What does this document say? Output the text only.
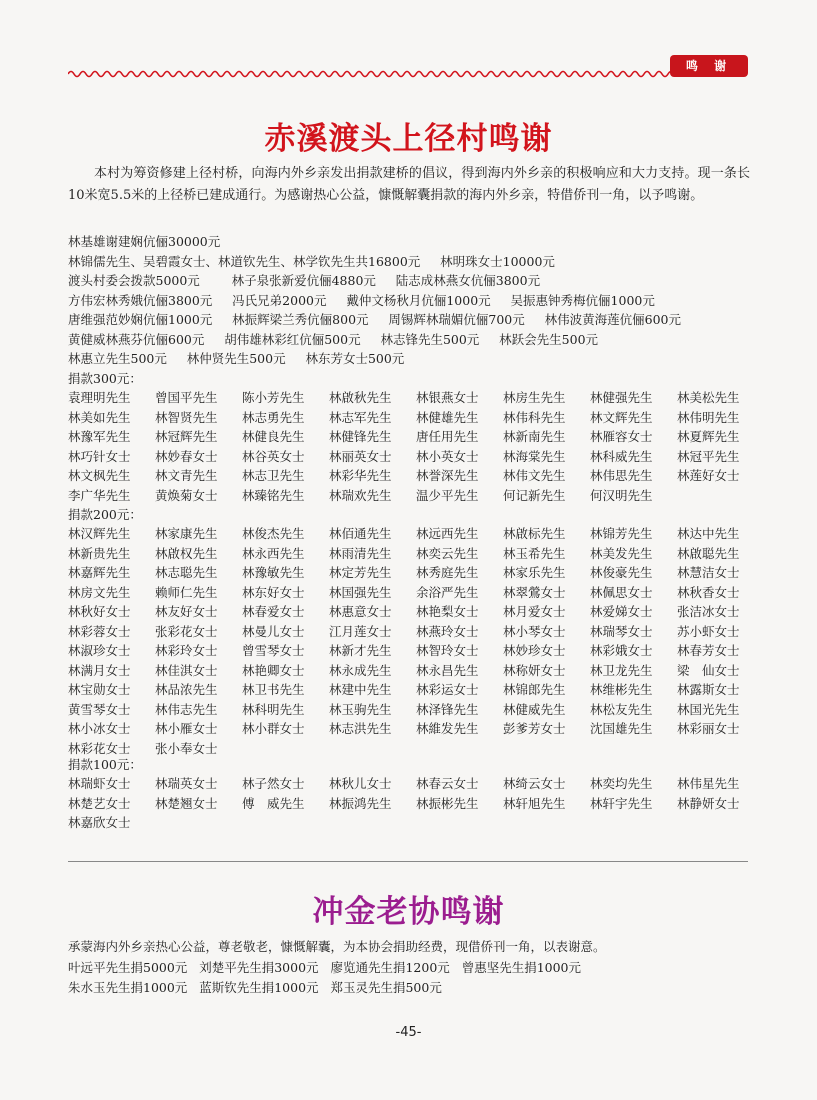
鸣 谢
赤溪渡头上径村鸣谢
本村为筹资修建上径村桥，向海内外乡亲发出捐款建桥的倡议，得到海内外乡亲的积极响应和大力支持。现一条长10米宽5.5米的上径桥已建成通行。为感谢热心公益，慷慨解囊捐款的海内外乡亲，特借侨刊一角，以予鸣谢。
林基雄谢建娴伉俪30000元
林锦儒先生、吴碧霞女士、林道钦先生、林学钦先生共16800元     林明珠女士10000元
渡头村委会拨款5000元        林子泉张新爱伉俪4880元     陆志成林燕女伉俪3800元
方伟宏林秀娥伉俪3800元     冯氏兄弟2000元     戴仲文杨秋月伉俪1000元     吴振惠钟秀梅伉俪1000元
唐维强范妙娴伉俪1000元     林振辉梁兰秀伉俪800元     周锡辉林瑞媚伉俪700元     林伟波黄海莲伉俪600元
黄健威林燕芬伉俪600元     胡伟雄林彩红伉俪500元     林志锋先生500元     林跃会先生500元
林惠立先生500元     林仲贤先生500元     林东芳女士500元
捐款300元：
袁理明先生	曾国平先生	陈小芳先生	林啟秋先生	林银燕女士	林房生先生	林健强先生	林美松先生
林美如先生	林智贤先生	林志勇先生	林志军先生	林健雄先生	林伟科先生	林文辉先生	林伟明先生
林豫军先生	林冠辉先生	林健良先生	林健锋先生	唐任用先生	林新南先生	林雁容女士	林夏辉先生
林巧针女士	林妙春女士	林谷英女士	林丽英女士	林小英女士	林海棠先生	林科威先生	林冠平先生
林文枫先生	林文青先生	林志卫先生	林彩华先生	林誉深先生	林伟文先生	林伟思先生	林莲好女士
李广华先生	黄焕菊女士	林臻铭先生	林瑞欢先生	温少平先生	何记新先生	何汉明先生
捐款200元：
林汉辉先生	林家康先生	林俊杰先生	林佰通先生	林远西先生	林啟标先生	林锦芳先生	林达中先生
林新贵先生	林啟权先生	林永西先生	林雨清先生	林奕云先生	林玉希先生	林美发先生	林啟聪先生
林嘉辉先生	林志聪先生	林豫敏先生	林定芳先生	林秀庭先生	林家乐先生	林俊豪先生	林慧洁女士
林房文先生	赖师仁先生	林东好女士	林国强先生	余浴严先生	林翠鶯女士	林佩思女士	林秋香女士
林秋好女士	林友好女士	林春爱女士	林惠意女士	林艳梨女士	林月爱女士	林爱娣女士	张洁冰女士
林彩蓉女士	张彩花女士	林曼儿女士	江月莲女士	林燕玲女士	林小琴女士	林瑞琴女士	苏小虾女士
林淑珍女士	林彩玲女士	曾雪琴女士	林新才先生	林智玲女士	林妙珍女士	林彩娥女士	林春芳女士
林满月女士	林佳淇女士	林艳卿女士	林永成先生	林永昌先生	林称妍女士	林卫龙先生	梁　仙女士
林宝勋女士	林品浓先生	林卫书先生	林建中先生	林彩运女士	林锦郎先生	林维彬先生	林露斯女士
黄雪琴女士	林伟志先生	林科明先生	林玉驹先生	林泽锋先生	林健威先生	林松友先生	林国光先生
林小冰女士	林小雁女士	林小群女士	林志洪先生	林維发先生	彭爹芳女士	沈国雄先生	林彩丽女士
林彩花女士	张小奉女士
捐款100元：
林瑞虾女士	林瑞英女士	林子然女士	林秋儿女士	林春云女士	林绮云女士	林奕均先生	林伟星先生
林楚艺女士	林楚翘女士	傅　威先生	林振鸿先生	林振彬先生	林轩旭先生	林轩宇先生	林静妍女士
林嘉欣女士
冲金老协鸣谢
承蒙海内外乡亲热心公益，尊老敬老，慷慨解囊，为本协会捐助经费，现借侨刊一角，以表谢意。
叶远平先生捐5000元   刘楚平先生捐3000元   廖览通先生捐1200元   曾惠坚先生捐1000元
朱水玉先生捐1000元   蓝斯钦先生捐1000元   郑玉灵先生捐500元
-45-
